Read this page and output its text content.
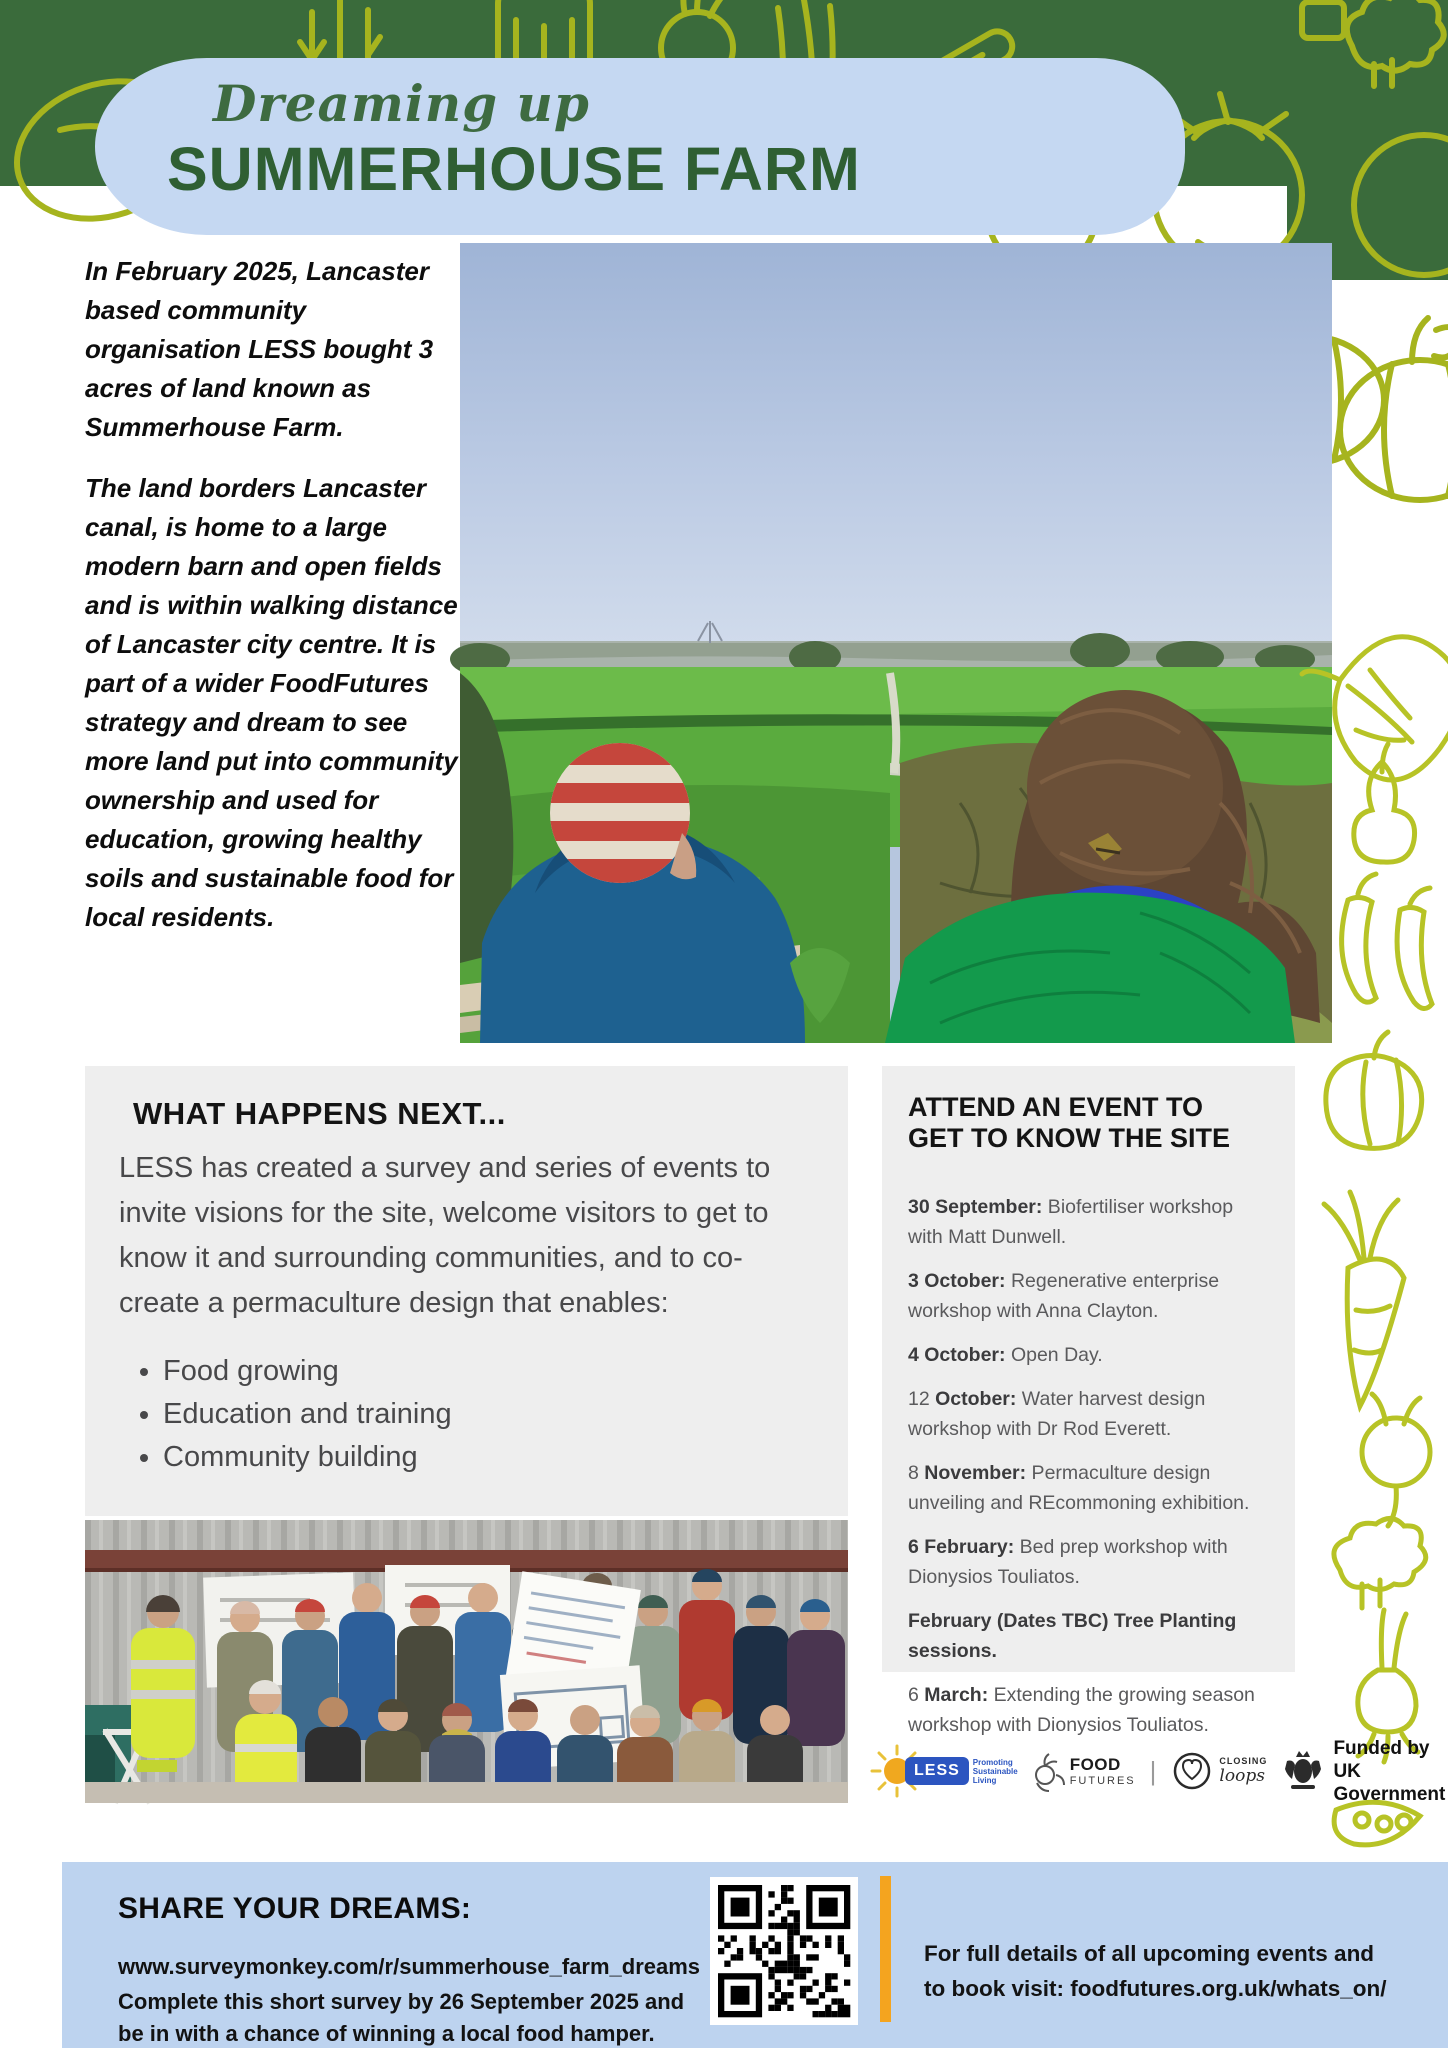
Dreaming up
SUMMERHOUSE FARM

In February 2025, Lancaster based community organisation LESS bought 3 acres of land known as Summerhouse Farm.

The land borders Lancaster canal, is home to a large modern barn and open fields and is within walking distance of Lancaster city centre. It is part of a wider FoodFutures strategy and dream to see more land put into community ownership and used for education, growing healthy soils and sustainable food for local residents.

WHAT HAPPENS NEXT...
LESS has created a survey and series of events to invite visions for the site, welcome visitors to get to know it and surrounding communities, and to co-create a permaculture design that enables:
• Food growing
• Education and training
• Community building
ATTEND AN EVENT TO GET TO KNOW THE SITE
30 September: Biofertiliser workshop with Matt Dunwell.
3 October: Regenerative enterprise workshop with Anna Clayton.
4 October: Open Day.
12 October: Water harvest design workshop with Dr Rod Everett.
8 November: Permaculture design unveiling and REcommoning exhibition.
6 February: Bed prep workshop with Dionysios Touliatos.
February (Dates TBC) Tree Planting sessions.
6 March: Extending the growing season workshop with Dionysios Touliatos.
LESS	Promoting
Sustainable
Living
FOOD
FUTURES |	CLOSING
loops
Funded by
UK Government
SHARE YOUR DREAMS:
www.surveymonkey.com/r/summerhouse_farm_dreams
Complete this short survey by 26 September 2025 and
be in with a chance of winning a local food hamper.
For full details of all upcoming events and
to book visit: foodfutures.org.uk/whats_on/
